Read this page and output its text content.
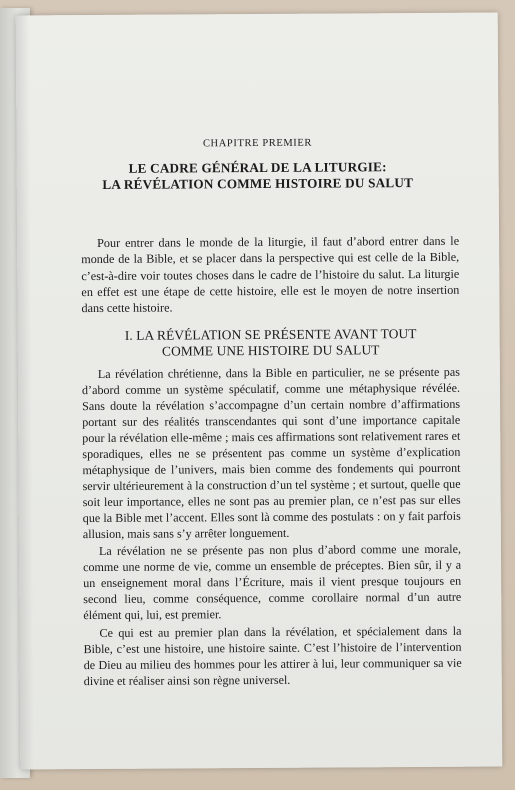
CHAPITRE PREMIER
LE CADRE GÉNÉRAL DE LA LITURGIE:
LA RÉVÉLATION COMME HISTOIRE DU SALUT
Pour entrer dans le monde de la liturgie, il faut d’abord entrer dans le monde de la Bible, et se placer dans la perspective qui est celle de la Bible, c’est-à-dire voir toutes choses dans le cadre de l’histoire du salut. La liturgie en effet est une étape de cette histoire, elle est le moyen de notre insertion dans cette histoire.
I. LA RÉVÉLATION SE PRÉSENTE AVANT TOUT
COMME UNE HISTOIRE DU SALUT

La révélation chrétienne, dans la Bible en particulier, ne se présente pas d’abord comme un système spéculatif, comme une métaphysique révélée. Sans doute la révélation s’accompagne d’un certain nombre d’affirmations portant sur des réalités transcendantes qui sont d’une importance capitale pour la révélation elle-même ; mais ces affirmations sont relativement rares et sporadiques, elles ne se présentent pas comme un système d’explication métaphysique de l’univers, mais bien comme des fondements qui pourront servir ultérieurement à la construction d’un tel système ; et surtout, quelle que soit leur importance, elles ne sont pas au premier plan, ce n’est pas sur elles que la Bible met l’accent. Elles sont là comme des postulats : on y fait parfois allusion, mais sans s’y arrêter longuement.

La révélation ne se présente pas non plus d’abord comme une morale, comme une norme de vie, comme un ensemble de préceptes. Bien sûr, il y a un enseignement moral dans l’Écriture, mais il vient presque toujours en second lieu, comme conséquence, comme corollaire normal d’un autre élément qui, lui, est premier.

Ce qui est au premier plan dans la révélation, et spécialement dans la Bible, c’est une histoire, une histoire sainte. C’est l’histoire de l’intervention de Dieu au milieu des hommes pour les attirer à lui, leur communiquer sa vie divine et réaliser ainsi son règne universel.
